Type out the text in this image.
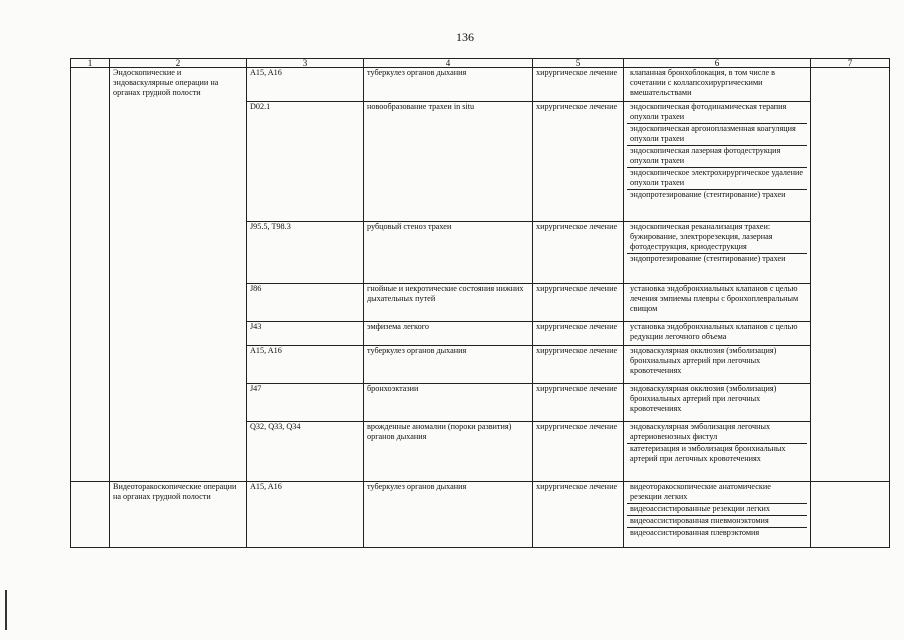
136
1	2	3	4	5	6	7
	Эндоскопические и эндоваскулярные операции на органах грудной полости	A15, A16	туберкулез органов дыхания	хирургическое лечение	клапанная бронхоблокация, в том числе в сочетании с коллапсохирургическими вмешательствами	

		D02.1	новообразование трахеи in situ	хирургическое лечение	эндоскопическая фотодинамическая терапия опухоли трахеи
эндоскопическая аргоноплазменная коагуляция опухоли трахеи
эндоскопическая лазерная фотодеструкция опухоли трахеи
эндоскопическое электрохирургическое удаление опухоли трахеи
эндопротезирование (стентирование) трахеи	

		J95.5, T98.3	рубцовый стеноз трахеи	хирургическое лечение	эндоскопическая реканализация трахеи: бужирование, электрорезекция, лазерная фотодеструкция, криодеструкция
эндопротезирование (стентирование) трахеи	

		J86	гнойные и некротические состояния нижних дыхательных путей	хирургическое лечение	установка эндобронхиальных клапанов с целью лечения эмпиемы плевры с бронхоплевральным свищом	

		J43	эмфизема легкого	хирургическое лечение	установка эндобронхиальных клапанов с целью редукции легочного объема	

		A15, A16	туберкулез органов дыхания	хирургическое лечение	эндоваскулярная окклюзия (эмболизация) бронхиальных артерий при легочных кровотечениях	

		J47	бронхоэктазии	хирургическое лечение	эндоваскулярная окклюзия (эмболизация) бронхиальных артерий при легочных кровотечениях	

		Q32, Q33, Q34	врожденные аномалии (пороки развития) органов дыхания	хирургическое лечение	эндоваскулярная эмболизация легочных артериовенозных фистул
катетеризация и эмболизация бронхиальных артерий при легочных кровотечениях	

	Видеоторакоскопические операции на органах грудной полости	A15, A16	туберкулез органов дыхания	хирургическое лечение	видеоторакоскопические анатомические резекции легких
видеоассистированные резекции легких
видеоассистированная пневмонэктомия
видеоассистированная плеврэктомия	
